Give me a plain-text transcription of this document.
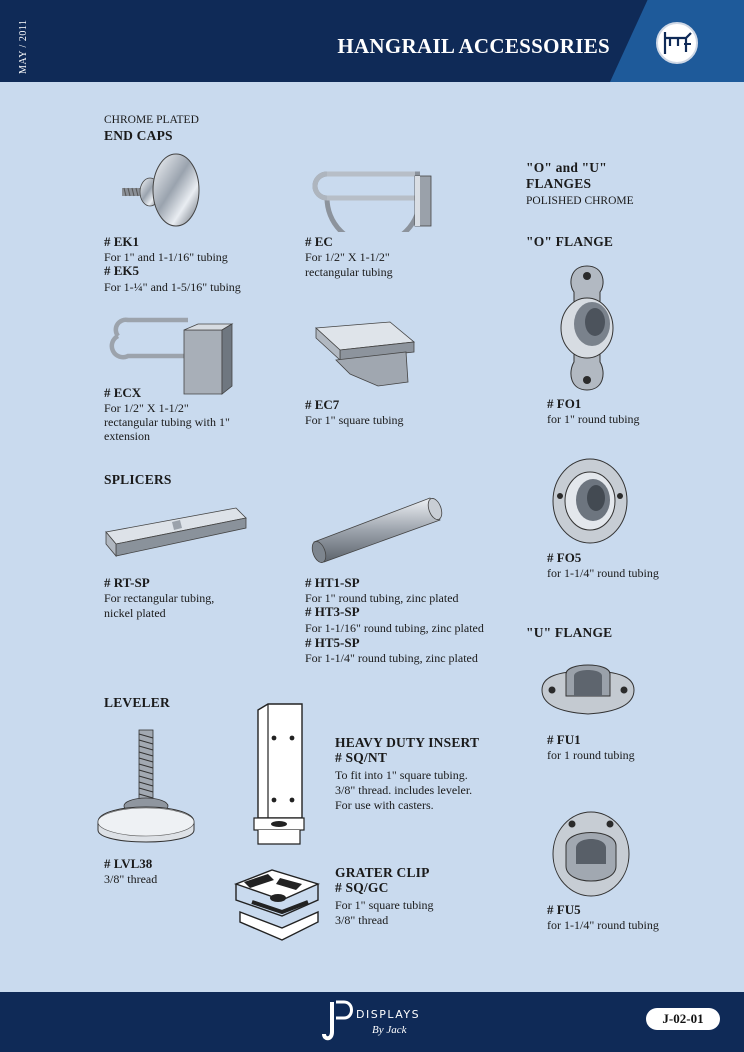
MAY / 2011	HANGRAIL ACCESSORIES
CHROME PLATED
END CAPS
# EK1
For 1" and 1-1/16" tubing
# EK5
For 1-¼" and 1-5/16" tubing
# EC
For 1/2" X 1-1/2"
rectangular tubing
"O" and "U"
FLANGES
POLISHED CHROME
"O" FLANGE
# FO1
for 1" round tubing
# ECX
For 1/2" X 1-1/2"
rectangular tubing with 1"
extension
# EC7
For 1" square tubing
# FO5
for 1-1/4" round tubing
SPLICERS
# RT-SP
For rectangular tubing,
nickel plated
# HT1-SP
For 1" round tubing, zinc plated
# HT3-SP
For 1-1/16" round tubing, zinc plated
# HT5-SP
For 1-1/4" round tubing, zinc plated
"U" FLANGE
# FU1
for 1 round tubing
# FU5
for 1-1/4" round tubing
LEVELER
# LVL38
3/8" thread
HEAVY DUTY INSERT
# SQ/NT
To fit into 1" square tubing.
3/8" thread. includes leveler.
For use with casters.
GRATER CLIP
# SQ/GC
For 1" square tubing
3/8" thread
DISPLAYS
By Jack
J-02-01
